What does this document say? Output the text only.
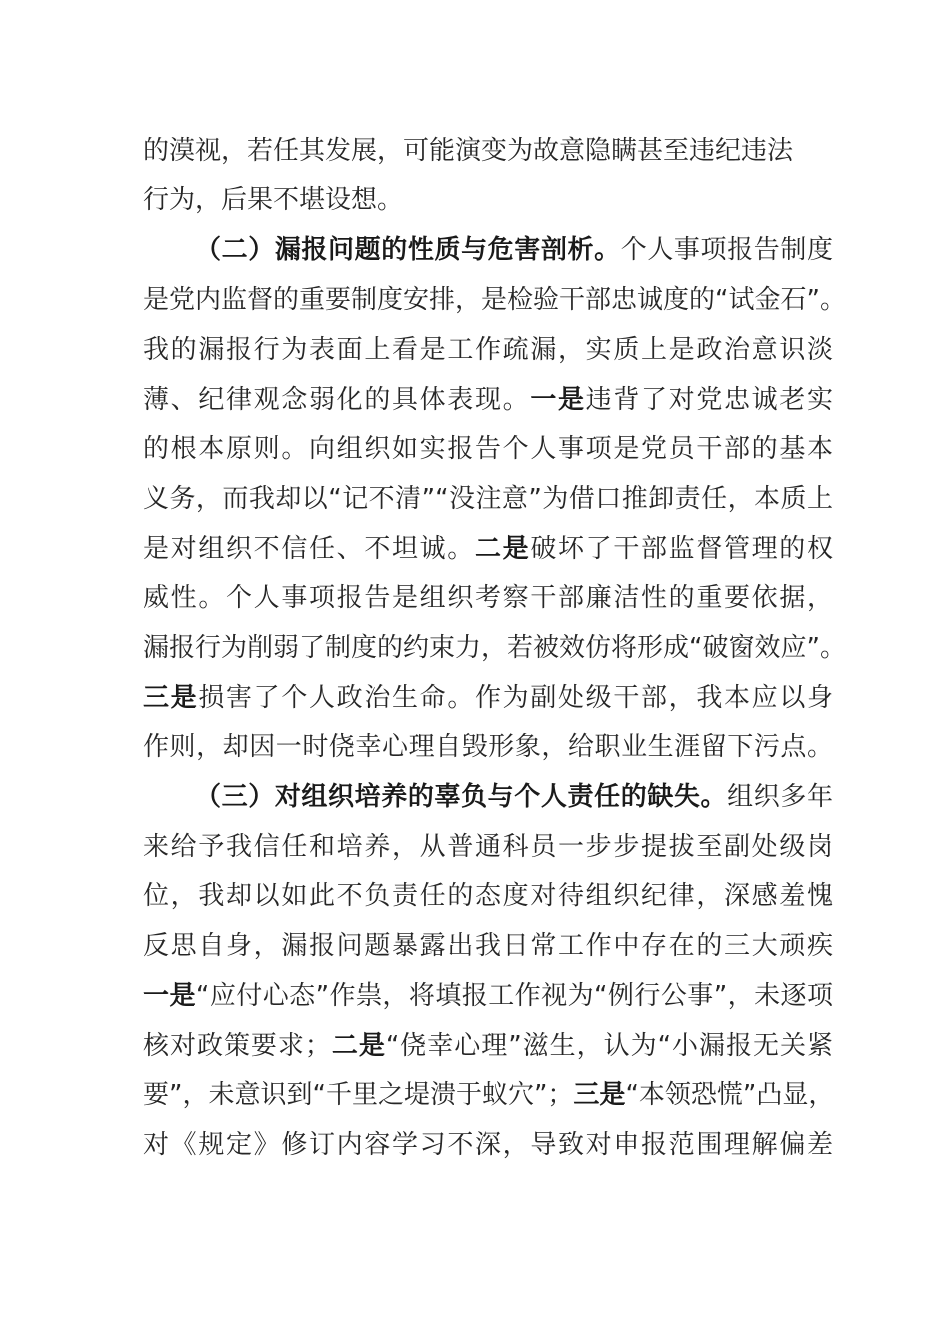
的漠视，若任其发展，可能演变为故意隐瞒甚至违纪违法
行为，后果不堪设想。
（二）漏报问题的性质与危害剖析。个人事项报告制度
是党内监督的重要制度安排，是检验干部忠诚度的“试金石”。
我的漏报行为表面上看是工作疏漏，实质上是政治意识淡
薄、纪律观念弱化的具体表现。一是违背了对党忠诚老实
的根本原则。向组织如实报告个人事项是党员干部的基本
义务，而我却以“记不清”“没注意”为借口推卸责任，本质上
是对组织不信任、不坦诚。二是破坏了干部监督管理的权
威性。个人事项报告是组织考察干部廉洁性的重要依据，
漏报行为削弱了制度的约束力，若被效仿将形成“破窗效应”。
三是损害了个人政治生命。作为副处级干部，我本应以身
作则，却因一时侥幸心理自毁形象，给职业生涯留下污点。
（三）对组织培养的辜负与个人责任的缺失。组织多年
来给予我信任和培养，从普通科员一步步提拔至副处级岗
位，我却以如此不负责任的态度对待组织纪律，深感羞愧
反思自身，漏报问题暴露出我日常工作中存在的三大顽疾
一是“应付心态”作祟，将填报工作视为“例行公事”，未逐项
核对政策要求；二是“侥幸心理”滋生，认为“小漏报无关紧
要”，未意识到“千里之堤溃于蚁穴”；三是“本领恐慌”凸显，
对《规定》修订内容学习不深，导致对申报范围理解偏差
